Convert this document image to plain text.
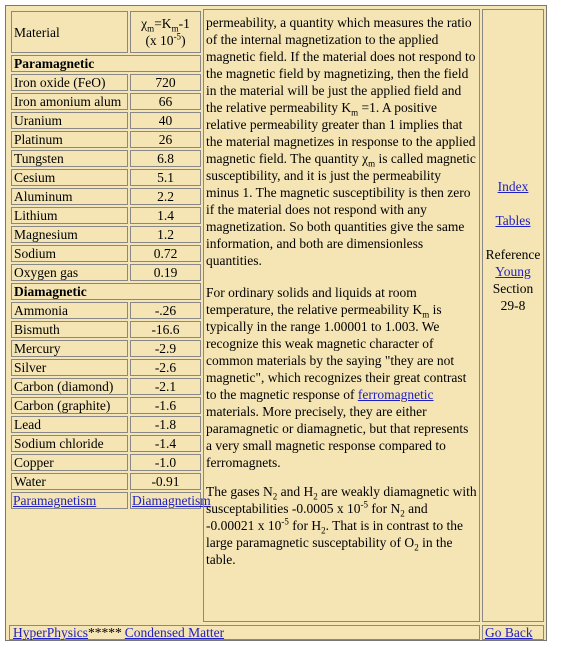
Material	$\chi_m=K_m-1$
(x $10^{-5}$)
Paramagnetic	
Iron oxide (FeO)	720
Iron amonium alum	66
Uranium	40
Platinum	26
Tungsten	6.8
Cesium	5.1
Aluminum	2.2
Lithium	1.4
Magnesium	1.2
Sodium	0.72
Oxygen gas	0.19
Diamagnetic	
Ammonia	-.26
Bismuth	-16.6
Mercury	-2.9
Silver	-2.6
Carbon (diamond)	-2.1
Carbon (graphite)	-1.6
Lead	-1.8
Sodium chloride	-1.4
Copper	-1.0
Water	-0.91
Paramagnetism	Diamagnetism

permeability, a quantity which measures the ratio of the internal magnetization to the applied magnetic field. If the material does not respond to the magnetic field by magnetizing, then the field in the material will be just the applied field and the relative permeability $K_m =1$. A positive relative permeability greater than 1 implies that the material magnetizes in response to the applied magnetic field. The quantity $\chi_m$ is called magnetic susceptibility, and it is just the permeability minus 1. The magnetic susceptibility is then zero if the material does not respond with any magnetization. So both quantities give the same information, and both are dimensionless quantities.

For ordinary solids and liquids at room temperature, the relative permeability $K_m$ is typically in the range 1.00001 to 1.003. We recognize this weak magnetic character of common materials by the saying "they are not magnetic", which recognizes their great contrast to the magnetic response of ferromagnetic materials. More precisely, they are either paramagnetic or diamagnetic, but that represents a very small magnetic response compared to ferromagnets.

The gases $N_2$ and $H_2$ are weakly diamagnetic with susceptabilities -0.0005 x $10^{-5}$ for $N_2$ and -0.00021 x $10^{-5}$ for $H_2$. That is in contrast to the large paramagnetic susceptability of $O_2$ in the table.

Index
Tables
Reference
Young
Section
29-8
HyperPhysics***** Condensed Matter	Go Back
